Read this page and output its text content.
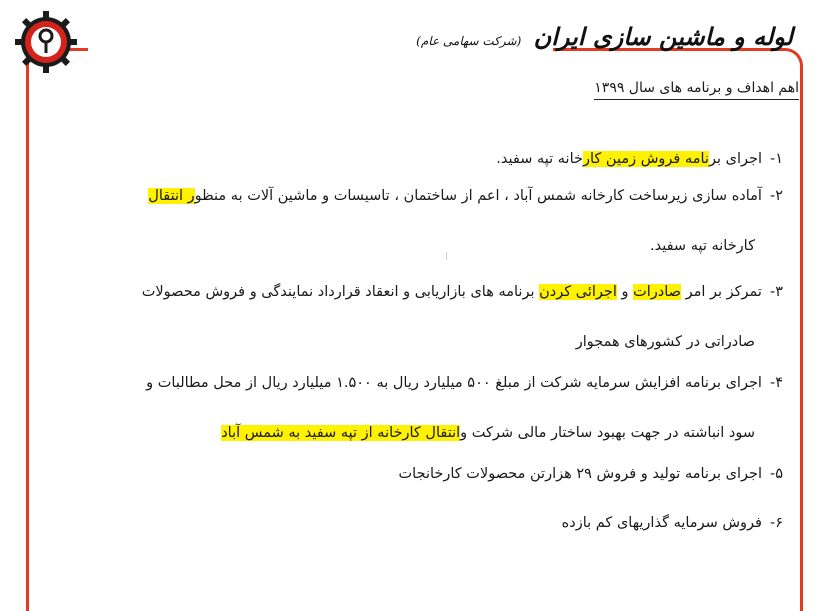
لوله و ماشین سازی ایران (شرکت سهامی عام)
اهم اهداف و برنامه های سال ۱۳۹۹
۱-اجرای برنامه فروش زمین کارخانه تپه سفید.
۲-آماده سازی زیرساخت کارخانه شمس آباد ، اعم از ساختمان ، تاسیسات و ماشین آلات به منظور انتقال
کارخانه تپه سفید.
۳-تمرکز بر امر صادرات و اجرائی کردن برنامه های بازاریابی و انعقاد قرارداد نمایندگی و فروش محصولات
صادراتی در کشورهای همجوار
۴-اجرای برنامه افزایش سرمایه شرکت از مبلغ ۵۰۰ میلیارد ریال به ۱.۵۰۰ میلیارد ریال از محل مطالبات و
سود انباشته در جهت بهبود ساختار مالی شرکت وانتقال کارخانه از تپه سفید به شمس آباد
۵-اجرای برنامه تولید و فروش ۲۹ هزارتن محصولات کارخانجات
۶-فروش سرمایه گذاریهای کم بازده
